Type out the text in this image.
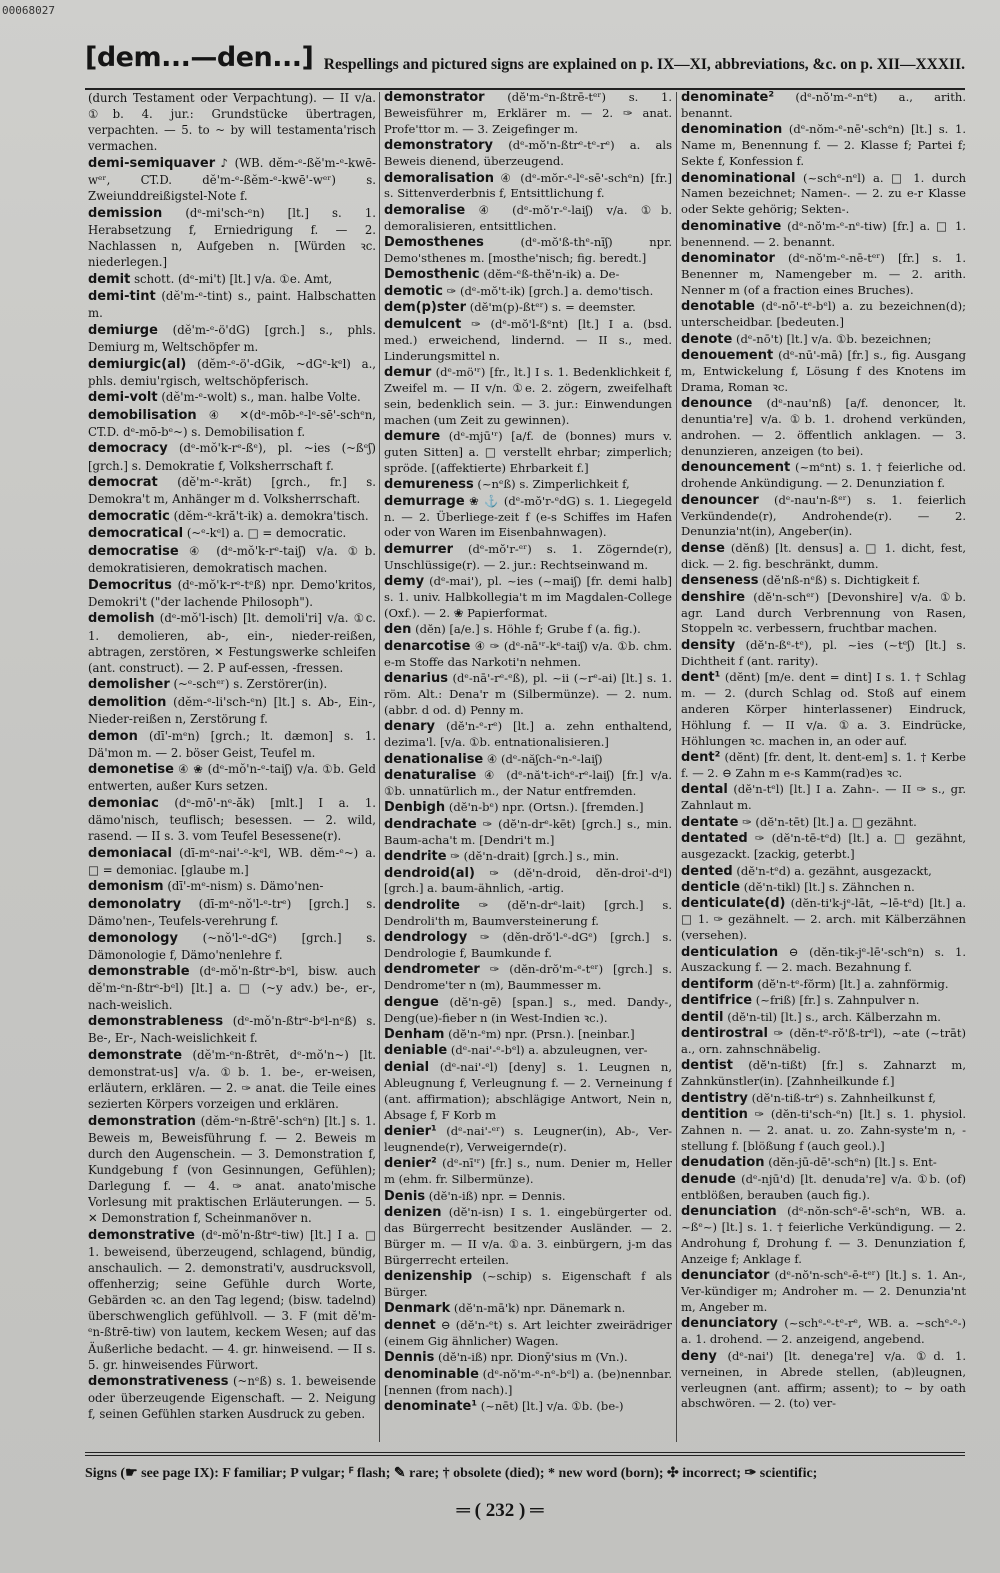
00068027
[dem...—den...] Respellings and pictured signs are explained on p. IX—XI, abbreviations, &c. on p. XII—XXXII.
(durch Testament oder Verpachtung). — II v/a. ①b. 4. jur.: Grundstücke übertragen, verpachten. — 5. to ~ by will testamenta'risch vermachen.
demi-semiquaver ♪ (WB. dĕm-ᵉ-ßĕ'm-ᵉ-kwē-wᵉʳ, CT.D. dĕ'm-ᵉ-ßĕm-ᵉ-kwē'-wᵉʳ) s. Zweiunddreißigstel-Note f.
demission (dᵉ-mi'sch-ᵉn) [lt.] s. 1. Herabsetzung f, Erniedrigung f. — 2. Nachlassen n, Aufgeben n. [Würden ꝛc. niederlegen.]
demit schott. (dᵉ-mi't) [lt.] v/a. ①e. Amt,
demi-tint (dĕ'm-ᵉ-tint) s., paint. Halbschatten m.
demiurge (dĕ'm-ᵉ-ö'dG) [grch.] s., phls. Demiurg m, Weltschöpfer m.
demiurgic(al) (dĕm-ᵉ-ö'-dGik, ~dGᵉ-kᵉl) a., phls. demiu'rgisch, weltschöpferisch.
demi-volt (dĕ'm-ᵉ-wolt) s., man. halbe Volte.
demobilisation ④ ✕(dᵉ-mōb-ᵉ-lᵉ-sē'-schᵉn, CT.D. dᵉ-mō-bᵉ~) s. Demobilisation f.
democracy (dᵉ-mŏ'k-rᵉ-ßᵉ), pl. ~ies (~ßᵉʃ) [grch.] s. Demokratie f, Volksherrschaft f.
democrat (dĕ'm-ᵉ-krăt) [grch., fr.] s. Demokra't m, Anhänger m d. Volksherrschaft.
democratic (dĕm-ᵉ-kră't-ik) a. demokra'tisch.
democratical (~ᵉ-kᵉl) a. □ = democratic.
democratise ④ (dᵉ-mŏ'k-rᵉ-taiʃ) v/a. ①b. demokratisieren, demokratisch machen.
Democritus (dᵉ-mŏ'k-rᵉ-tᵉß) npr. Demo'kritos, Demokri't ("der lachende Philosoph").
demolish (dᵉ-mŏ'l-isch) [lt. demoli'ri] v/a. ①c. 1. demolieren, ab-, ein-, nieder-reißen, abtragen, zerstören, ✕ Festungswerke schleifen (ant. construct). — 2. P auf-essen, -fressen.
demolisher (~ᵉ-schᵉʳ) s. Zerstörer(in).
demolition (dĕm-ᵉ-li'sch-ᵉn) [lt.] s. Ab-, Ein-, Nieder-reißen n, Zerstörung f.
demon (dī'-mᵉn) [grch.; lt. dæmon] s. 1. Dä'mon m. — 2. böser Geist, Teufel m.
demonetise ④ ❀ (dᵉ-mŏ'n-ᵉ-taiʃ) v/a. ①b. Geld entwerten, außer Kurs setzen.
demoniac (dᵉ-mō'-nᵉ-ăk) [mlt.] I a. 1. dämo'nisch, teuflisch; besessen. — 2. wild, rasend. — II s. 3. vom Teufel Besessene(r).
demoniacal (dī-mᵉ-nai'-ᵉ-kᵉl, WB. dĕm-ᵉ~) a. □ = demoniac. [glaube m.]
demonism (dī'-mᵉ-nism) s. Dämo'nen-
demonolatry (dī-mᵉ-nŏ'l-ᵉ-trᵉ) [grch.] s. Dämo'nen-, Teufels-verehrung f.
demonology (~nŏ'l-ᵉ-dGᵉ) [grch.] s. Dämonologie f, Dämo'nenlehre f.
demonstrable (dᵉ-mŏ'n-ßtrᵉ-bᵉl, bisw. auch dĕ'm-ᵉn-ßtrᵉ-bᵉl) [lt.] a. □ (~y adv.) be-, er-, nach-weislich.
demonstrableness (dᵉ-mŏ'n-ßtrᵉ-bᵉl-nᵉß) s. Be-, Er-, Nach-weislichkeit f.
demonstrate (dĕ'm-ᵉn-ßtrēt, dᵉ-mŏ'n~) [lt. demonstrat-us] v/a. ①b. 1. be-, er-weisen, erläutern, erklären. — 2. ✑ anat. die Teile eines sezierten Körpers vorzeigen und erklären.
demonstration (dĕm-ᵉn-ßtrē'-schᵉn) [lt.] s. 1. Beweis m, Beweisführung f. — 2. Beweis m durch den Augenschein. — 3. Demonstration f, Kundgebung f (von Gesinnungen, Gefühlen); Darlegung f. — 4. ✑ anat. anato'mische Vorlesung mit praktischen Erläuterungen. — 5. ✕ Demonstration f, Scheinmanöver n.
demonstrative (dᵉ-mŏ'n-ßtrᵉ-tiw) [lt.] I a. □ 1. beweisend, überzeugend, schlagend, bündig, anschaulich. — 2. demonstrati'v, ausdrucksvoll, offenherzig; seine Gefühle durch Worte, Gebärden ꝛc. an den Tag legend; (bisw. tadelnd) überschwenglich gefühlvoll. — 3. F (mit dĕ'm-ᵉn-ßtrē-tiw) von lautem, keckem Wesen; auf das Äußerliche bedacht. — 4. gr. hinweisend. — II s. 5. gr. hinweisendes Fürwort.
demonstrativeness (~nᵉß) s. 1. beweisende oder überzeugende Eigenschaft. — 2. Neigung f, seinen Gefühlen starken Ausdruck zu geben.
demonstrator (dĕ'm-ᵉn-ßtrē-tᵉʳ) s. 1. Beweisführer m, Erklärer m. — 2. ✑ anat. Profe'ttor m. — 3. Zeigefinger m.
demonstratory (dᵉ-mŏ'n-ßtrᵉ-tᵉ-rᵉ) a. als Beweis dienend, überzeugend.
demoralisation ④ (dᵉ-mŏr-ᵉ-lᵉ-sē'-schᵉn) [fr.] s. Sittenverderbnis f, Entsittlichung f.
demoralise ④ (dᵉ-mŏ'r-ᵉ-laiʃ) v/a. ①b. demoralisieren, entsittlichen.
Demosthenes	(dᵉ-mŏ'ß-thᵉ-nīʃ) npr. Demo'sthenes m. [mosthe'nisch; fig. beredt.]
Demosthenic (dĕm-ᵉß-thĕ'n-ik) a. De-
demotic ✑ (dᵉ-mŏ't-ik) [grch.] a. demo'tisch.
dem(p)ster (dĕ'm(p)-ßtᵉʳ) s. = deemster.
demulcent ✑ (dᵉ-mŏ'l-ßᵉnt) [lt.] I a. (bsd. med.) erweichend, lindernd. — II s., med. Linderungsmittel n.
demur (dᵉ-mö'ʳ) [fr., lt.] I s. 1. Bedenklichkeit f, Zweifel m. — II v/n. ①e. 2. zögern, zweifelhaft sein, bedenklich sein. — 3. jur.: Einwendungen machen (um Zeit zu gewinnen).
demure (dᵉ-mjū'ʳ) [a/f. de (bonnes) murs v. guten Sitten] a. □ verstellt ehrbar; zimperlich; spröde. [(affektierte) Ehrbarkeit f.]
demureness (~nᵉß) s. Zimperlichkeit f,
demurrage ❀ ⚓ (dᵉ-mŏ'r-ᵉdG) s. 1. Liegegeld n. — 2. Überliege-zeit f (e-s Schiffes im Hafen oder von Waren im Eisenbahnwagen).
demurrer (dᵉ-mŏ'r-ᵉʳ) s. 1. Zögernde(r), Unschlüssige(r). — 2. jur.: Rechtseinwand m.
demy (dᵉ-mai'), pl. ~ies (~maiʃ) [fr. demi halb] s. 1. univ. Halbkollegia't m im Magdalen-College (Oxf.). — 2. ❀ Papierformat.
den (dĕn) [a/e.] s. Höhle f; Grube f (a. fig.).
denarcotise ④ ✑ (dᵉ-nā'ʳ-kᵉ-taiʃ) v/a. ①b. chm. e-m Stoffe das Narkoti'n nehmen.
denarius (dᵉ-nā'-rᵉ-ᵉß), pl. ~ii (~rᵉ-ai) [lt.] s. 1. röm. Alt.: Dena'r m (Silbermünze). — 2. num. (abbr. d od. d) Penny m.
denary (dĕ'n-ᵉ-rᵉ) [lt.] a. zehn enthaltend, dezima'l. [v/a. ①b. entnationalisieren.]
denationalise ④ (dᵉ-năʃch-ᵉn-ᵉ-laiʃ)
denaturalise ④ (dᵉ-nă't-ichᵉ-rᵉ-laiʃ) [fr.] v/a. ①b. unnatürlich m., der Natur entfremden.
Denbigh (dĕ'n-bᵉ) npr. (Ortsn.). [fremden.]
dendrachate ✑ (dĕ'n-drᵉ-kēt) [grch.] s., min. Baum-acha't m. [Dendri't m.]
dendrite ✑ (dĕ'n-drait) [grch.] s., min.
dendroid(al) ✑ (dĕ'n-droid, dĕn-droi'-dᵉl) [grch.] a. baum-ähnlich, -artig.
dendrolite ✑ (dĕ'n-drᵉ-lait) [grch.] s. Dendroli'th m, Baumversteinerung f.
dendrology ✑ (dĕn-drŏ'l-ᵉ-dGᵉ) [grch.] s. Dendrologie f, Baumkunde f.
dendrometer ✑ (dĕn-drŏ'm-ᵉ-tᵉʳ) [grch.] s. Dendrome'ter n (m), Baummesser m.
dengue (dĕ'n-gē) [span.] s., med. Dandy-, Deng(ue)-fieber n (in West-Indien ꝛc.).
Denham (dĕ'n-ᵉm) npr. (Prsn.). [neinbar.]
deniable (dᵉ-nai'-ᵉ-bᵉl) a. abzuleugnen, ver-
denial (dᵉ-nai'-ᵉl) [deny] s. 1. Leugnen n, Ableugnung f, Verleugnung f. — 2. Verneinung f (ant. affirmation); abschlägige Antwort, Nein n, Absage f, F Korb m
denier¹ (dᵉ-nai'-ᵉʳ) s. Leugner(in), Ab-, Ver-leugnende(r), Verweigernde(r).
denier² (dᵉ-nī'ʳ) [fr.] s., num. Denier m, Heller m (ehm. fr. Silbermünze).
Denis (dĕ'n-iß) npr. = Dennis.
denizen (dĕ'n-isn) I s. 1. eingebürgerter od. das Bürgerrecht besitzender Ausländer. — 2. Bürger m. — II v/a. ①a. 3. einbürgern, j-m das Bürgerrecht erteilen.
denizenship (~schip) s. Eigenschaft f als Bürger.
Denmark (dĕ'n-mā'k) npr. Dänemark n.
dennet ⊖ (dĕ'n-ᵉt) s. Art leichter zweirädriger (einem Gig ähnlicher) Wagen.
Dennis (dĕ'n-iß) npr. Dionȳ'sius m (Vn.).
denominable (dᵉ-nŏ'm-ᵉ-nᵉ-bᵉl) a. (be)nennbar. [nennen (from nach).]
denominate¹ (~nēt) [lt.] v/a. ①b. (be-)
denominate² (dᵉ-nŏ'm-ᵉ-nᵉt) a., arith. benannt.
denomination (dᵉ-nŏm-ᵉ-nē'-schᵉn) [lt.] s. 1. Name m, Benennung f. — 2. Klasse f; Partei f; Sekte f, Konfession f.
denominational (~schᵉ-nᵉl) a. □ 1. durch Namen bezeichnet; Namen-. — 2. zu e-r Klasse oder Sekte gehörig; Sekten-.
denominative (dᵉ-nŏ'm-ᵉ-nᵉ-tiw) [fr.] a. □ 1. benennend. — 2. benannt.
denominator (dᵉ-nŏ'm-ᵉ-nē-tᵉʳ) [fr.] s. 1. Benenner m, Namengeber m. — 2. arith. Nenner m (of a fraction eines Bruches).
denotable (dᵉ-nō'-tᵉ-bᵉl) a. zu bezeichnen(d); unterscheidbar. [bedeuten.]
denote (dᵉ-nō't) [lt.] v/a. ①b. bezeichnen;
denouement (dᵉ-nū'-mā) [fr.] s., fig. Ausgang m, Entwickelung f, Lösung f des Knotens im Drama, Roman ꝛc.
denounce (dᵉ-nau'nß) [a/f. denoncer, lt. denuntia're] v/a. ①b. 1. drohend verkünden, androhen. — 2. öffentlich anklagen. — 3. denunzieren, anzeigen (to bei).
denouncement (~mᵉnt) s. 1. † feierliche od. drohende Ankündigung. — 2. Denunziation f.
denouncer (dᵉ-nau'n-ßᵉʳ) s. 1. feierlich Verkündende(r), Androhende(r). — 2. Denunzia'nt(in), Angeber(in).
dense (dĕnß) [lt. densus] a. □ 1. dicht, fest, dick. — 2. fig. beschränkt, dumm.
denseness (dĕ'nß-nᵉß) s. Dichtigkeit f.
denshire (dĕ'n-schᵉʳ) [Devonshire] v/a. ①b. agr. Land durch Verbrennung von Rasen, Stoppeln ꝛc. verbessern, fruchtbar machen.
density (dĕ'n-ßᵉ-tᵉ), pl. ~ies (~tᵉʃ) [lt.] s. Dichtheit f (ant. rarity).
dent¹ (dĕnt) [m/e. dent = dint] I s. 1. † Schlag m. — 2. (durch Schlag od. Stoß auf einem anderen Körper hinterlassener) Eindruck, Höhlung f. — II v/a. ①a. 3. Eindrücke, Höhlungen ꝛc. machen in, an oder auf.
dent² (dĕnt) [fr. dent, lt. dent-em] s. 1. † Kerbe f. — 2. ⊖ Zahn m e-s Kamm(rad)es ꝛc.
dental (dĕ'n-tᵉl) [lt.] I a. Zahn-. — II ✑ s., gr. Zahnlaut m.
dentate ✑ (dĕ'n-tēt) [lt.] a. □ gezähnt.
dentated ✑ (dĕ'n-tē-tᵉd) [lt.] a. □ gezähnt, ausgezackt. [zackig, geterbt.]
dented (dĕ'n-tᵉd) a. gezähnt, ausgezackt,
denticle (dĕ'n-tikl) [lt.] s. Zähnchen n.
denticulate(d) (dĕn-ti'k-jᵉ-lāt, ~lē-tᵉd) [lt.] a. □ 1. ✑ gezähnelt. — 2. arch. mit Kälberzähnen (versehen).
denticulation ⊖ (dĕn-tik-jᵉ-lē'-schᵉn) s. 1. Auszackung f. — 2. mach. Bezahnung f.
dentiform (dĕ'n-tᵉ-fŏrm) [lt.] a. zahnförmig.
dentifrice (~friß) [fr.] s. Zahnpulver n.
dentil (dĕ'n-til) [lt.] s., arch. Kälberzahn m.
dentirostral ✑ (dĕn-tᵉ-rŏ'ß-trᵉl), ~ate (~trāt) a., orn. zahnschnäbelig.
dentist (dĕ'n-tißt) [fr.] s. Zahnarzt m, Zahnkünstler(in). [Zahnheilkunde f.]
dentistry (dĕ'n-tiß-trᵉ) s. Zahnheilkunst f,
dentition ✑ (dĕn-ti'sch-ᵉn) [lt.] s. 1. physiol. Zahnen n. — 2. anat. u. zo. Zahn-syste'm n, -stellung f. [blößung f (auch geol.).]
denudation (dĕn-jū-dē'-schᵉn) [lt.] s. Ent-
denude (dᵉ-njū'd) [lt. denuda're] v/a. ①b. (of) entblößen, berauben (auch fig.).
denunciation (dᵉ-nŏn-schᵉ-ē'-schᵉn, WB. a. ~ßᵉ~) [lt.] s. 1. † feierliche Verkündigung. — 2. Androhung f, Drohung f. — 3. Denunziation f, Anzeige f; Anklage f.
denunciator (dᵉ-nŏ'n-schᵉ-ē-tᵉʳ) [lt.] s. 1. An-, Ver-kündiger m; Androher m. — 2. Denunzia'nt m, Angeber m.
denunciatory (~schᵉ-ᵉ-tᵉ-rᵉ, WB. a. ~schᵉ-ᵉ-) a. 1. drohend. — 2. anzeigend, angebend.
deny (dᵉ-nai') [lt. denega're] v/a. ①d. 1. verneinen, in Abrede stellen, (ab)leugnen, verleugnen (ant. affirm; assent); to ~ by oath abschwören. — 2. (to) ver-
Signs (☛ see page IX): F familiar; P vulgar; ꟳ flash; ✎ rare; † obsolete (died); * new word (born); ✣ incorrect; ✑ scientific;
═ ( 232 ) ═
